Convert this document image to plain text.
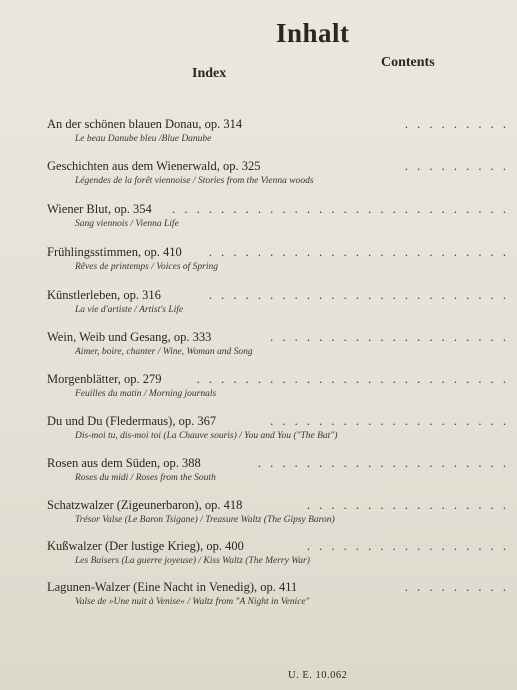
Inhalt
Contents
Index
An der schönen blauen Donau, op. 314	. . . . . . . . .
Le beau Danube bleu /Blue Danube
Geschichten aus dem Wienerwald, op. 325	. . . . . . . . .
Légendes de la forêt viennoise / Stories from the Vienna woods
Wiener Blut, op. 354 . . . . . . . . . . . . . . . . . . . . . . . . . . . .
Sang viennois / Vienna Life
Frühlingsstimmen, op. 410 . . . . . . . . . . . . . . . . . . . . . . . . .
Rêves de printemps / Voices of Spring
Künstlerleben, op. 316	. . . . . . . . . . . . . . . . . . . . . . . . .
La vie d'artiste / Artist's Life
Wein, Weib und Gesang, op. 333	. . . . . . . . . . . . . . . . . . . .
Aimer, boire, chanter / Wine, Woman and Song
Morgenblätter, op. 279	. . . . . . . . . . . . . . . . . . . . . . . . . .
Feuilles du matin / Morning journals
Du und Du (Fledermaus), op. 367	. . . . . . . . . . . . . . . . . . . .
Dis-moi tu, dis-moi toi (La Chauve souris) / You and You ("The Bat")
Rosen aus dem Süden, op. 388	. . . . . . . . . . . . . . . . . . . . .
Roses du midi / Roses from the South
Schatzwalzer (Zigeunerbaron), op. 418	. . . . . . . . . . . . . . . . .
Trésor Valse (Le Baron Tsigane) / Treasure Waltz (The Gipsy Baron)
Kußwalzer (Der lustige Krieg), op. 400	. . . . . . . . . . . . . . . . .
Les Baisers (La guerre joyeuse) / Kiss Waltz (The Merry War)
Lagunen-Walzer (Eine Nacht in Venedig), op. 411	. . . . . . . . .
Valse de »Une nuit à Venise« / Waltz from "A Night in Venice"
U. E. 10.062
